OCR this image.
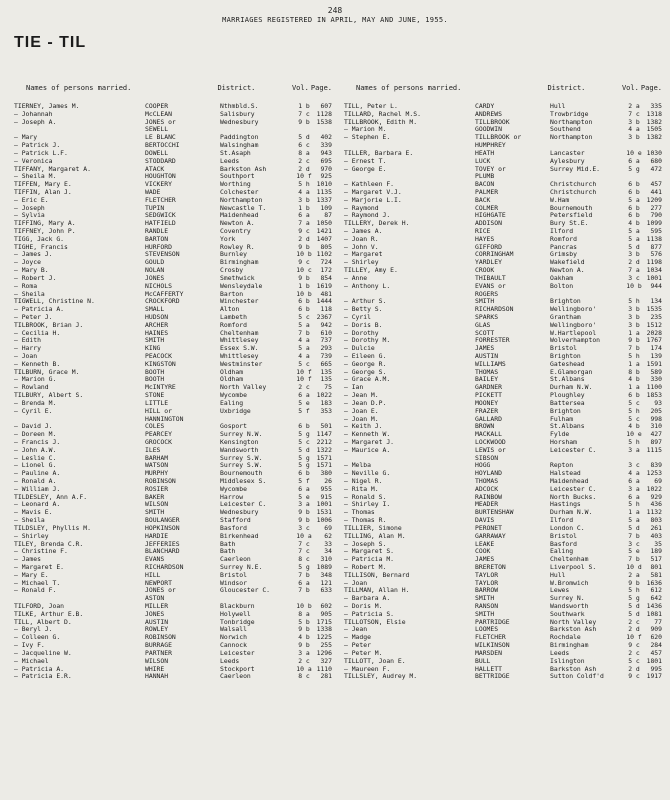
248
MARRIAGES REGISTERED IN APRIL, MAY AND JUNE, 1955.
TIE - TIL
Names of persons married.	District.	Vol. Page.
TIERNEY, James M.	COOPER	Nthmbld.S.	1 b	607
— Johannah	McCLEAN	Salisbury	7 c	1128
— Joseph A.	JONES or	Wednesbury	9 b	1538
SEWELL
— Mary	LE BLANC	Paddington	5 d	402
— Patrick J.	BERTOCCHI	Walsingham	6 c	339
— Patrick L.F.	DOWELL	St.Asaph	8 a	943
— Veronica	STODDARD	Leeds	2 c	695
TIFFANY, Margaret A.	ATACK	Barkston Ash	2 d	970
— Sheila M.	HOUGHTON	Southport	10 f	925
TIFFEN, Mary E.	VICKERY	Worthing	5 h	1010
TIFFIN, Alan J.	WADE	Colchester	4 a	1135
— Eric E.	FLETCHER	Northampton	3 b	1337
— Joseph	TUPIN	Newcastle T.	1 b	109
— Sylvia	SEDGWICK	Maidenhead	6 a	87
TIFFING, Mary A.	HATFIELD	Newton A.	7 a	1050
TIFFNEY, John P.	RANDLE	Coventry	9 c	1421
TIGG, Jack G.	BARTON	York	2 d	1407
TIGHE, Francis	HURFORD	Rowley R.	9 b	805
— James J.	STEVENSON	Burnley	10 b 1102
— Joyce	GOULD	Birmingham	9 c	724
— Mary B.	NOLAN	Crosby	10 c	172
— Robert J.	JONES	Smethwick	9 b	854
— Roma	NICHOLS	Wensleydale	1 b	1619
— Sheila	McCAFFERTY	Barton	10 b	481
TIGWELL, Christine N.	CROCKFORD	Winchester	6 b	1444
— Patricia A.	SMALL	Alton	6 b	118
— Peter J.	HUDSON	Lambeth	5 c	2367
TILBROOK, Brian J.	ARCHER	Romford	5 a	942
— Cecilia H.	HAINES	Cheltenham	7 b	610
— Edith	SMITH	Whittlesey	4 a	737
— Harry	KING	Essex S.W.	5 a	293
— Joan	PEACOCK	Whittlesey	4 a	739
— Kenneth B.	KINGSTON	Westminster	5 c	665
TILBURN, Grace M.	BOOTH	Oldham	10 f	135
— Marion G.	BOOTH	Oldham	10 f	135
— Rowland	McINTYRE	North Valley	2 c	75
TILBURY, Albert S.	STONE	Wycombe	6 a	1022
— Brenda M.	LITTLE	Ealing	5 e	183
— Cyril E.	HILL or	Uxbridge	5 f	353
HANNINGTON
— David J.	COLES	Gosport	6 b	501
— Doreen M.	PEARCEY	Surrey N.W.	5 g	1147
— Francis J.	GROCOCK	Kensington	5 c	2212
— John A.W.	ILES	Wandsworth	5 d	1322
— Leslie C.	BARHAM	Surrey S.W.	5 g	1571
— Lionel G.	WATSON	Surrey S.W.	5 g	1571
— Pauline A.	MURPHY	Bournemouth	6 b	380
— Ronald A.	ROBINSON	Middlesex S.	5 f	26
— William J.	ROSIER	Wycombe	6 a	955
TILDESLEY, Ann A.F.	BAKER	Harrow	5 e	915
— Leonard A.	WILSON	Leicester C.	3 a	1001
— Mavis E.	SMITH	Wednesbury	9 b	1531
— Sheila	BOULANGER	Stafford	9 b	1006
TILDSLEY, Phyllis M.	HOPKINSON	Basford	3 c	69
— Shirley	HARDIE	Birkenhead	10 a	62
TILEY, Brenda C.R.	JEFFERIES	Bath	7 c	33
— Christine F.	BLANCHARD	Bath	7 c	34
— James	EVANS	Caerleon	8 c	310
— Margaret E.	RICHARDSON	Surrey N.E.	5 g	1089
— Mary E.	HILL	Bristol	7 b	348
— Michael T.	NEWPORT	Windsor	6 a	121
— Ronald F.	JONES or	Gloucester C.	7 b	633
ASTON
TILFORD, Joan	MILLER	Blackburn	10 b	602
TILKE, Arthur E.B.	JONES	Holywell	8 a	905
TILL, Albert D.	AUSTIN	Tonbridge	5 b	1715
— Beryl J.	ROWLEY	Walsall	9 b	1338
— Colleen G.	ROBINSON	Norwich	4 b	1225
— Ivy F.	BURRAGE	Cannock	9 b	255
— Jacqueline W.	PARTNER	Leicester	3 a	1296
— Michael	WILSON	Leeds	2 c	327
— Patricia A.	WHIRE	Stockport	10 a 1110
— Patricia E.R.	HANNAH	Caerleon	8 c	281
Names of persons married.	District.	Vol. Page.
TILL, Peter L.	CARDY	Hull	2 a	335
TILLARD, Rachel M.S.	ANDREWS	Trowbridge	7 c	1318
TILLBROOK, Edith M.	TILLBROOK	Northampton	3 b	1382
— Marion M.	GOODWIN	Southend	4 a	1505
— Stephen E.	TILLBROOK or	Northampton	3 b	1382
HUMPHREY
TILLER, Barbara E.	HEATH	Lancaster	10 e 1030
— Ernest T.	LUCK	Aylesbury	6 a	680
— George E.	TOVEY or	Surrey Mid.E.	5 g	472
PLUMB
— Kathleen F.	BACON	Christchurch	6 b	457
— Margaret V.J.	PALMER	Christchurch	6 b	441
— Marjorie L.I.	BACK	W.Ham	5 a	1209
— Raymond	COLMER	Bournemouth	6 b	277
— Raymond J.	HIGHGATE	Petersfield	6 b	790
TILLERY, Derek H.	ADDISON	Bury St.E.	4 b	1099
— James A.	RICE	Ilford	5 a	595
— Joan R.	HAYES	Romford	5 a	1138
— John V.	GIFFORD	Pancras	5 d	877
— Margaret	CORRINGHAM	Grimsby	3 b	576
— Shirley	YARDLEY	Wakefield	2 d	1198
TILLEY, Amy E.	CROOK	Newton A.	7 a	1034
— Anne	THIBAULT	Oakham	3 c	1001
— Anthony L.	EVANS or	Bolton	10 b	944
ROGERS
— Arthur S.	SMITH	Brighton	5 h	134
— Betty S.	RICHARDSON	Wellingboro'	3 b	1535
— Cyril	SPARKS	Grantham	3 b	235
— Doris B.	GLAS	Wellingboro'	3 b	1512
— Dorothy	SCOTT	W.Hartlepool	1 a	2028
— Dorothy M.	FORRESTER	Wolverhampton	9 b	1767
— Dulcie	JAMES	Bristol	7 b	174
— Eileen G.	AUSTIN	Brighton	5 h	139
— George R.	WILLIAMS	Gateshead	1 a	1591
— George S.	THOMAS	E.Glamorgan	8 b	589
— Grace A.M.	BAILEY	St.Albans	4 b	330
— Ian	GARDNER	Durham N.W.	1 a	1100
— Jean M.	PICKETT	Ploughley	6 b	1853
— Jean D.P.	MOONEY	Battersea	5 c	93
— Joan E.	FRAZER	Brighton	5 h	205
— Joan M.	GALLARD	Fulham	5 c	998
— Keith J.	BROWN	St.Albans	4 b	310
— Kenneth W.	MACKALL	Fylde	10 e	427
— Margaret J.	LOCKWOOD	Horsham	5 h	897
— Maurice A.	LEWIS or	Leicester C.	3 a	1115
SIBSON
— Melba	HOGG	Repton	3 c	839
— Neville G.	HOYLAND	Halstead	4 a	1253
— Nigel R.	THOMAS	Maidenhead	6 a	69
— Rita M.	ADCOCK	Leicester C.	3 a	1022
— Ronald S.	RAINBOW	North Bucks.	6 a	929
— Shirley I.	MEADER	Hastings	5 h	436
— Thomas	BURTENSHAW	Durham N.W.	1 a	1132
— Thomas R.	DAVIS	Ilford	5 a	803
TILLIER, Simone	PERONET	London C.	5 d	261
TILLING, Alan M.	GARRAWAY	Bristol	7 b	403
— Joseph S.	LEAKE	Basford	3 c	35
— Margaret S.	COOK	Ealing	5 e	189
— Patricia M.	JAMES	Cheltenham	7 b	517
— Robert M.	BRERETON	Liverpool S.	10 d	801
TILLISON, Bernard	TAYLOR	Hull	2 a	581
— Joan	TAYLOR	W.Bromwich	9 b	1636
TILLMAN, Allan H.	BARROW	Lewes	5 h	612
— Barbara A.	SMITH	Surrey N.	5 g	642
— Doris M.	RANSON	Wandsworth	5 d	1436
— Patricia S.	SMITH	Southwark	5 d	1081
TILLOTSON, Elsie	PARTRIDGE	North Valley	2 c	77
— Jean	LOOMES	Barkston Ash	2 d	909
— Madge	FLETCHER	Rochdale	10 f	620
— Peter	WILKINSON	Birmingham	9 c	284
— Peter M.	MARSDEN	Leeds	2 c	457
TILLOTT, Joan E.	BULL	Islington	5 c	1801
— Maureen F.	HALLETT	Barkston Ash	2 d	995
TILLSLEY, Audrey M.	BETTRIDGE	Sutton Coldf'd	9 c	1917
